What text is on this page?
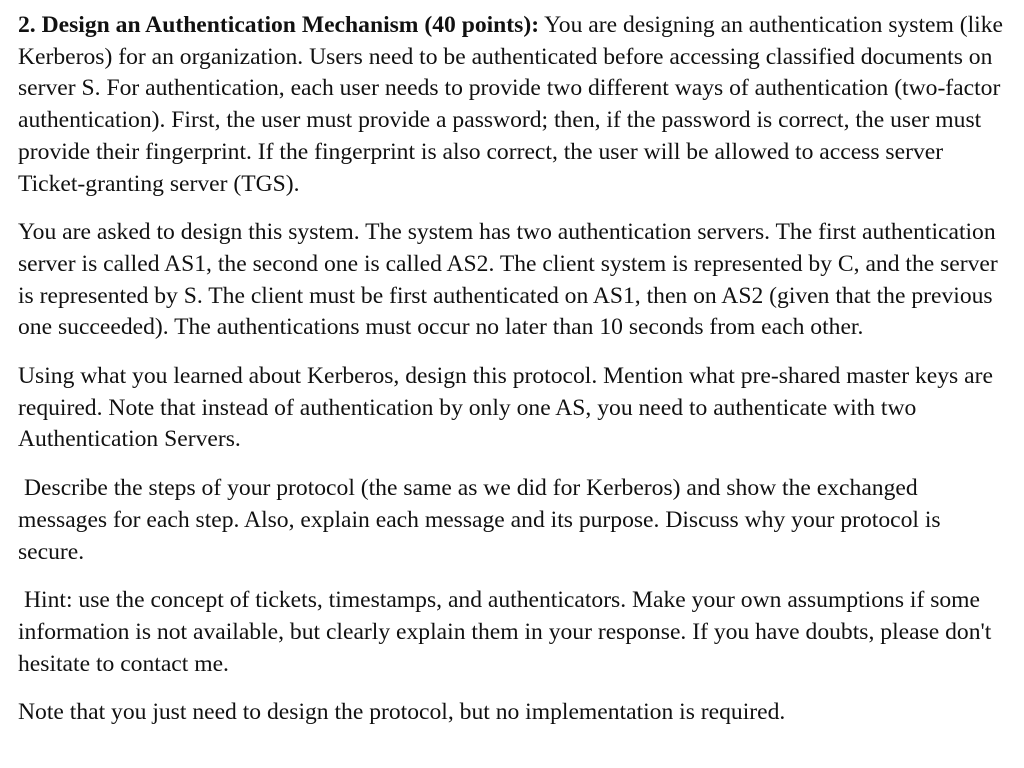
2. Design an Authentication Mechanism (40 points): You are designing an authentication system (like Kerberos) for an organization. Users need to be authenticated before accessing classified documents on server S. For authentication, each user needs to provide two different ways of authentication (two-factor authentication). First, the user must provide a password; then, if the password is correct, the user must provide their fingerprint. If the fingerprint is also correct, the user will be allowed to access server Ticket-granting server (TGS).

You are asked to design this system. The system has two authentication servers. The first authentication server is called AS1, the second one is called AS2. The client system is represented by C, and the server is represented by S. The client must be first authenticated on AS1, then on AS2 (given that the previous one succeeded). The authentications must occur no later than 10 seconds from each other.

Using what you learned about Kerberos, design this protocol. Mention what pre-shared master keys are required. Note that instead of authentication by only one AS, you need to authenticate with two Authentication Servers.

Describe the steps of your protocol (the same as we did for Kerberos) and show the exchanged messages for each step. Also, explain each message and its purpose. Discuss why your protocol is secure.

Hint: use the concept of tickets, timestamps, and authenticators. Make your own assumptions if some information is not available, but clearly explain them in your response. If you have doubts, please don't hesitate to contact me.

Note that you just need to design the protocol, but no implementation is required.
